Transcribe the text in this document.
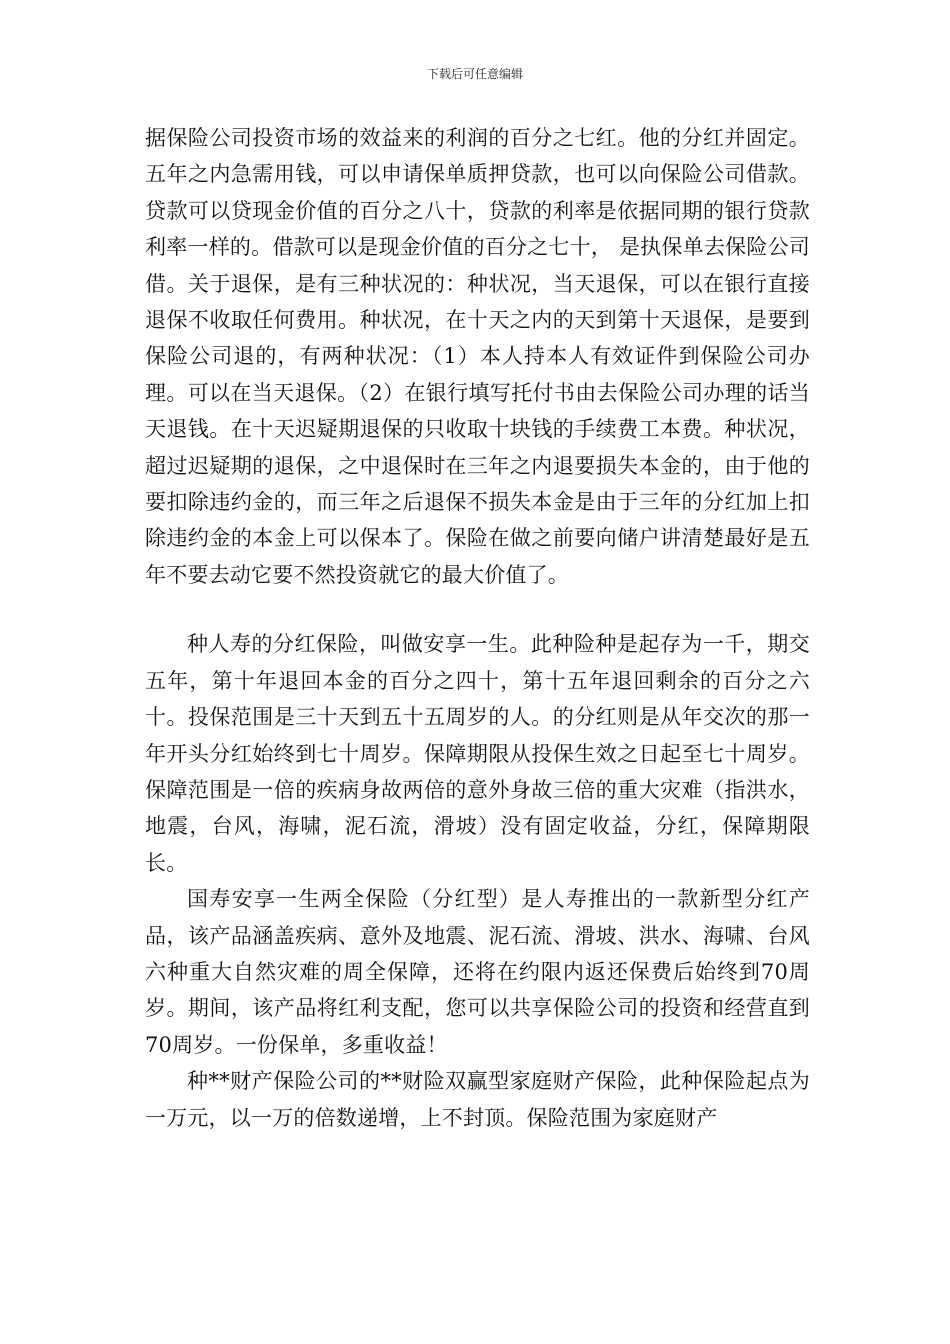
下载后可任意编辑

据保险公司投资市场的效益来的利润的百分之七红。他的分红并固定。五年之内急需用钱，可以申请保单质押贷款，也可以向保险公司借款。贷款可以贷现金价值的百分之八十，贷款的利率是依据同期的银行贷款利率一样的。借款可以是现金价值的百分之七十， 是执保单去保险公司借。关于退保，是有三种状况的：种状况，当天退保，可以在银行直接退保不收取任何费用。种状况，在十天之内的天到第十天退保，是要到保险公司退的，有两种状况：（1）本人持本人有效证件到保险公司办理。可以在当天退保。（2）在银行填写托付书由去保险公司办理的话当天退钱。在十天迟疑期退保的只收取十块钱的手续费工本费。种状况，超过迟疑期的退保，之中退保时在三年之内退要损失本金的，由于他的要扣除违约金的，而三年之后退保不损失本金是由于三年的分红加上扣除违约金的本金上可以保本了。保险在做之前要向储户讲清楚最好是五年不要去动它要不然投资就它的最大价值了。

种人寿的分红保险，叫做安享一生。此种险种是起存为一千，期交五年，第十年退回本金的百分之四十，第十五年退回剩余的百分之六十。投保范围是三十天到五十五周岁的人。的分红则是从年交次的那一年开头分红始终到七十周岁。保障期限从投保生效之日起至七十周岁。保障范围是一倍的疾病身故两倍的意外身故三倍的重大灾难（指洪水，地震，台风，海啸，泥石流，滑坡）没有固定收益，分红，保障期限长。

国寿安享一生两全保险（分红型）是人寿推出的一款新型分红产品，该产品涵盖疾病、意外及地震、泥石流、滑坡、洪水、海啸、台风六种重大自然灾难的周全保障，还将在约限内返还保费后始终到70周岁。期间，该产品将红利支配，您可以共享保险公司的投资和经营直到70周岁。一份保单，多重收益！

种**财产保险公司的**财险双赢型家庭财产保险，此种保险起点为一万元，以一万的倍数递增，上不封顶。保险范围为家庭财产
